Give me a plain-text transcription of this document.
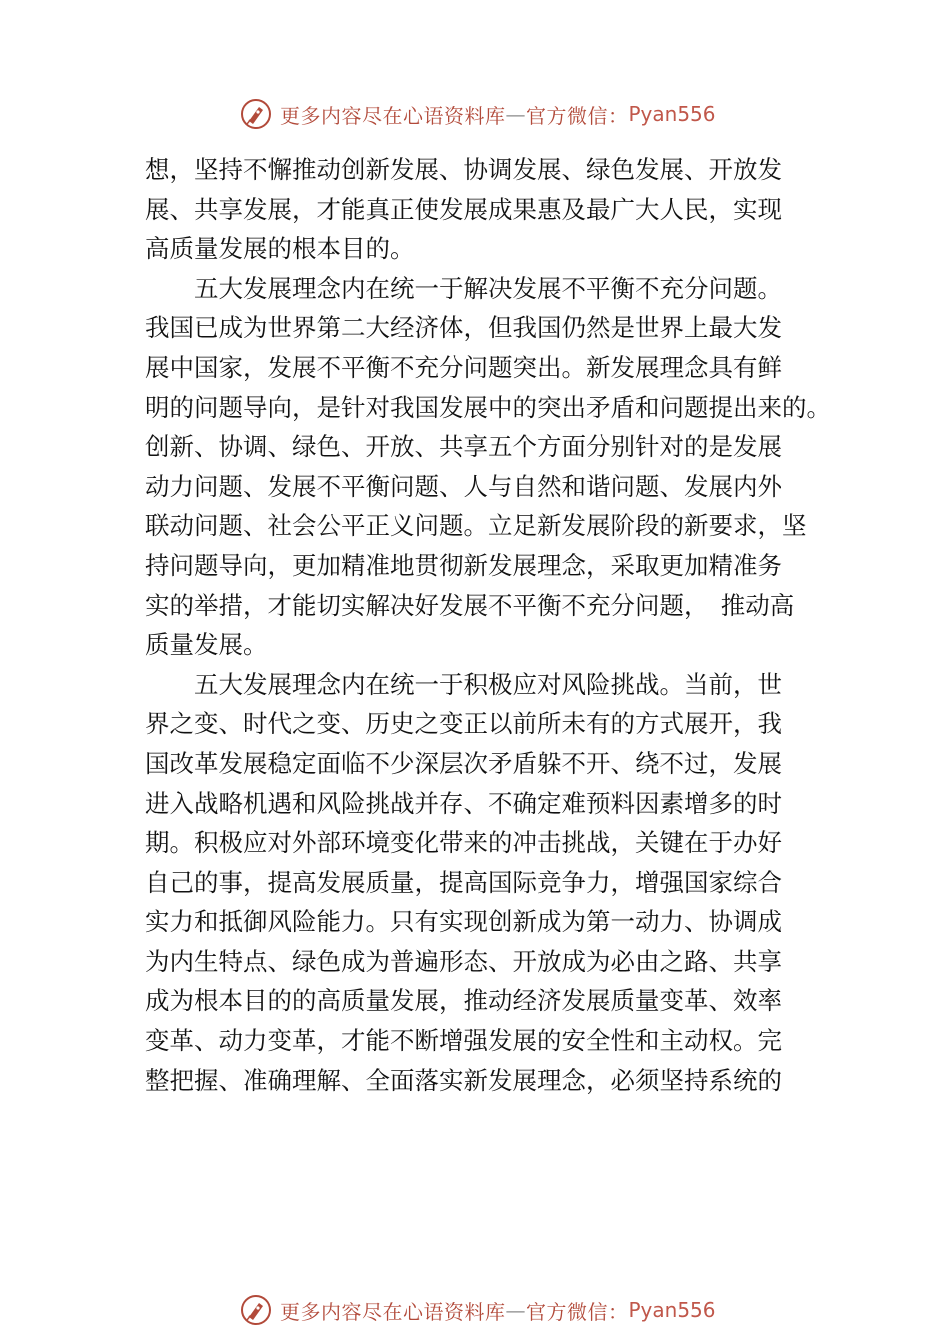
更多内容尽在心语资料库 — 官方微信： Pyan556
想，坚持不懈推动创新发展、协调发展、绿色发展、开放发
展、共享发展，才能真正使发展成果惠及最广大人民，实现
高质量发展的根本目的。
　　五大发展理念内在统一于解决发展不平衡不充分问题。
我国已成为世界第二大经济体，但我国仍然是世界上最大发
展中国家，发展不平衡不充分问题突出。新发展理念具有鲜
明的问题导向，是针对我国发展中的突出矛盾和问题提出来的。
创新、协调、绿色、开放、共享五个方面分别针对的是发展
动力问题、发展不平衡问题、人与自然和谐问题、发展内外
联动问题、社会公平正义问题。立足新发展阶段的新要求，坚
持问题导向，更加精准地贯彻新发展理念，采取更加精准务
实的举措，才能切实解决好发展不平衡不充分问题，　推动高
质量发展。
　　五大发展理念内在统一于积极应对风险挑战。当前，世
界之变、时代之变、历史之变正以前所未有的方式展开，我
国改革发展稳定面临不少深层次矛盾躲不开、绕不过，发展
进入战略机遇和风险挑战并存、不确定难预料因素增多的时
期。积极应对外部环境变化带来的冲击挑战，关键在于办好
自己的事，提高发展质量，提高国际竞争力，增强国家综合
实力和抵御风险能力。只有实现创新成为第一动力、协调成
为内生特点、绿色成为普遍形态、开放成为必由之路、共享
成为根本目的的高质量发展，推动经济发展质量变革、效率
变革、动力变革，才能不断增强发展的安全性和主动权。完
整把握、准确理解、全面落实新发展理念，必须坚持系统的
更多内容尽在心语资料库 — 官方微信： Pyan556
